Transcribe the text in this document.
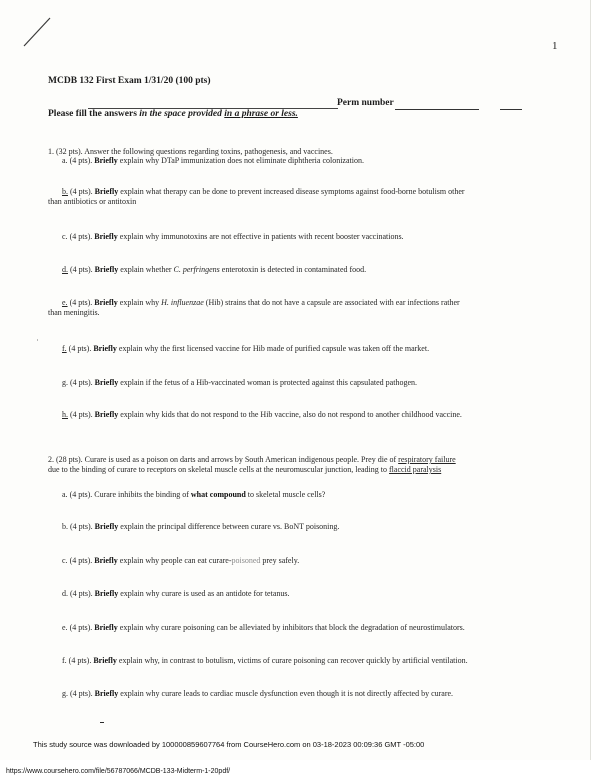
1
MCDB 132 First Exam 1/31/20 (100 pts)
Perm number
Please fill the answers in the space provided in a phrase or less.
1. (32 pts). Answer the following questions regarding toxins, pathogenesis, and vaccines.
a. (4 pts). Briefly explain why DTaP immunization does not eliminate diphtheria colonization.
b. (4 pts). Briefly explain what therapy can be done to prevent increased disease symptoms against food-borne botulism other
than antibiotics or antitoxin
c. (4 pts). Briefly explain why immunotoxins are not effective in patients with recent booster vaccinations.
d. (4 pts). Briefly explain whether C. perfringens enterotoxin is detected in contaminated food.
e. (4 pts). Briefly explain why H. influenzae (Hib) strains that do not have a capsule are associated with ear infections rather
than meningitis.
ʾ
f. (4 pts). Briefly explain why the first licensed vaccine for Hib made of purified capsule was taken off the market.
g. (4 pts). Briefly explain if the fetus of a Hib-vaccinated woman is protected against this capsulated pathogen.
h. (4 pts). Briefly explain why kids that do not respond to the Hib vaccine, also do not respond to another childhood vaccine.
2. (28 pts). Curare is used as a poison on darts and arrows by South American indigenous people. Prey die of respiratory failure
due to the binding of curare to receptors on skeletal muscle cells at the neuromuscular junction, leading to flaccid paralysis
a. (4 pts). Curare inhibits the binding of what compound to skeletal muscle cells?
b. (4 pts). Briefly explain the principal difference between curare vs. BoNT poisoning.
c. (4 pts). Briefly explain why people can eat curare-poisoned prey safely.
d. (4 pts). Briefly explain why curare is used as an antidote for tetanus.
e. (4 pts). Briefly explain why curare poisoning can be alleviated by inhibitors that block the degradation of neurostimulators.
f. (4 pts). Briefly explain why, in contrast to botulism, victims of curare poisoning can recover quickly by artificial ventilation.
g. (4 pts). Briefly explain why curare leads to cardiac muscle dysfunction even though it is not directly affected by curare.
This study source was downloaded by 100000859607764 from CourseHero.com on 03-18-2023 00:09:36 GMT -05:00
https://www.coursehero.com/file/56787066/MCDB-133-Midterm-1-20pdf/
